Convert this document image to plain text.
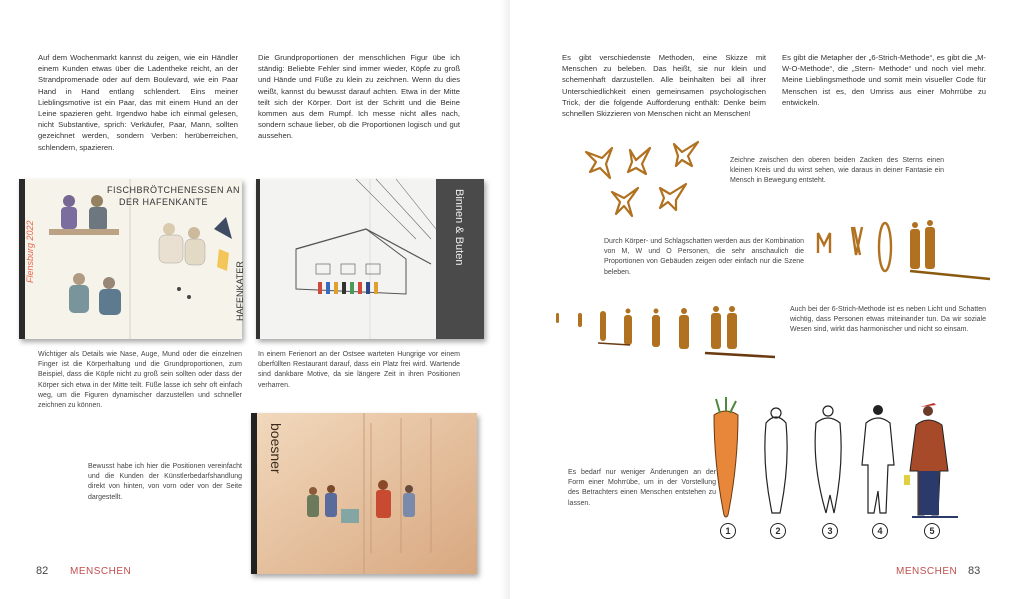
Auf dem Wochenmarkt kannst du zeigen, wie ein Händler einem Kunden etwas über die Ladentheke reicht, an der Strandpromenade oder auf dem Boulevard, wie ein Paar Hand in Hand entlang schlendert. Eins meiner Lieblingsmotive ist ein Paar, das mit einem Hund an der Leine spazieren geht. Irgendwo habe ich einmal gelesen, nicht Substantive, sprich: Verkäufer, Paar, Mann, sollten gezeichnet werden, sondern Verben: herüberreichen, schlendern, spazieren.
Die Grundproportionen der menschlichen Figur übe ich ständig: Beliebte Fehler sind immer wieder, Köpfe zu groß und Hände und Füße zu klein zu zeichnen. Wenn du dies weißt, kannst du bewusst darauf achten. Etwa in der Mitte teilt sich der Körper. Dort ist der Schritt und die Beine kommen aus dem Rumpf. Ich messe nicht alles nach, sondern schaue lieber, ob die Proportionen logisch und gut aussehen.
Flensburg 2022
FISCHBRÖTCHENESSEN AN
DER HAFENKANTE
HAFENKATER
Binnen & Buten
Wichtiger als Details wie Nase, Auge, Mund oder die einzelnen Finger ist die Körperhaltung und die Grundproportionen, zum Beispiel, dass die Köpfe nicht zu groß sein sollten oder dass der Körper sich etwa in der Mitte teilt. Füße lasse ich sehr oft einfach weg, um die Figuren dynamischer darzustellen und schneller zeichnen zu können.
In einem Ferienort an der Ostsee warteten Hungrige vor einem überfüllten Restaurant darauf, dass ein Platz frei wird. Wartende sind dankbare Motive, da sie längere Zeit in ihren Positionen verharren.
Bewusst habe ich hier die Positionen vereinfacht und die Kunden der Künstlerbedarfshandlung direkt von hinten, von vorn oder von der Seite dargestellt.
boesner
82 MENSCHEN
Es gibt verschiedenste Methoden, eine Skizze mit Menschen zu beleben. Das heißt, sie nur klein und schemenhaft darzustellen. Alle beinhalten bei all ihrer Unterschiedlichkeit einen gemeinsamen psychologischen Trick, der die folgende Aufforderung enthält: Denke beim schnellen Skizzieren von Menschen nicht an Menschen!
Es gibt die Metapher der „6-Strich-Methode“, es gibt die „M-W-O-Methode“, die „Stern- Methode“ und noch viel mehr. Meine Lieblingsmethode und somit mein visueller Code für Menschen ist es, den Umriss aus einer Mohrrübe zu entwickeln.
Zeichne zwischen den oberen beiden Zacken des Sterns einen kleinen Kreis und du wirst sehen, wie daraus in deiner Fantasie ein Mensch in Bewegung entsteht.
Durch Körper- und Schlagschatten werden aus der Kombination von M, W und O Personen, die sehr anschaulich die Proportionen von Gebäuden zeigen oder einfach nur die Szene beleben.
Auch bei der 6-Strich-Methode ist es neben Licht und Schatten wichtig, dass Personen etwas miteinander tun. Da wir soziale Wesen sind, wirkt das harmonischer und nicht so einsam.
Es bedarf nur weniger Änderungen an der Form einer Mohrrübe, um in der Vorstellung des Betrachters einen Menschen entstehen zu lassen.
1	2	3	4	5
MENSCHEN 83
